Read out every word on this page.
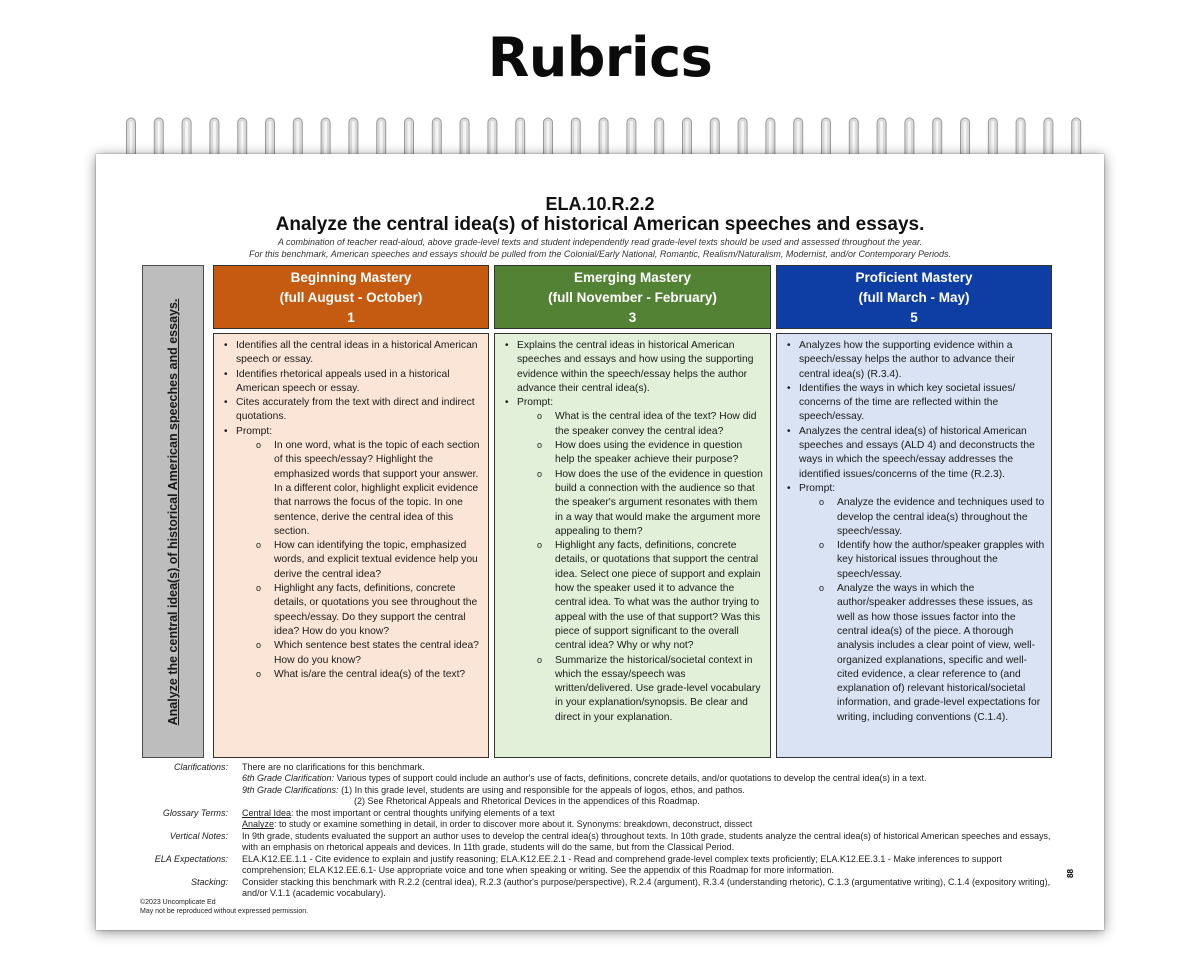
Rubrics
ELA.10.R.2.2
Analyze the central idea(s) of historical American speeches and essays.
A combination of teacher read-aloud, above grade-level texts and student independently read grade-level texts should be used and assessed throughout the year.
For this benchmark, American speeches and essays should be pulled from the Colonial/Early National, Romantic, Realism/Naturalism, Modernist, and/or Contemporary Periods.
Analyze the central idea(s) of historical American speeches and essays.
Beginning Mastery
(full August - October)
1
Emerging Mastery
(full November - February)
3
Proficient Mastery
(full March - May)
5
• Identifies all the central ideas in a historical American speech or essay.
• Identifies rhetorical appeals used in a historical American speech or essay.
• Cites accurately from the text with direct and indirect quotations.
• Prompt:
o In one word, what is the topic of each section of this speech/essay? Highlight the emphasized words that support your answer. In a different color, highlight explicit evidence that narrows the focus of the topic. In one sentence, derive the central idea of this section.
o How can identifying the topic, emphasized words, and explicit textual evidence help you derive the central idea?
o Highlight any facts, definitions, concrete details, or quotations you see throughout the speech/essay. Do they support the central idea? How do you know?
o Which sentence best states the central idea? How do you know?
o What is/are the central idea(s) of the text?
• Explains the central ideas in historical American speeches and essays and how using the supporting evidence within the speech/essay helps the author advance their central idea(s).
• Prompt:
o What is the central idea of the text? How did the speaker convey the central idea?
o How does using the evidence in question help the speaker achieve their purpose?
o How does the use of the evidence in question build a connection with the audience so that the speaker's argument resonates with them in a way that would make the argument more appealing to them?
o Highlight any facts, definitions, concrete details, or quotations that support the central idea. Select one piece of support and explain how the speaker used it to advance the central idea. To what was the author trying to appeal with the use of that support? Was this piece of support significant to the overall central idea? Why or why not?
o Summarize the historical/societal context in which the essay/speech was written/delivered. Use grade-level vocabulary in your explanation/synopsis. Be clear and direct in your explanation.
• Analyzes how the supporting evidence within a speech/essay helps the author to advance their central idea(s) (R.3.4).
• Identifies the ways in which key societal issues/ concerns of the time are reflected within the speech/essay.
• Analyzes the central idea(s) of historical American speeches and essays (ALD 4) and deconstructs the ways in which the speech/essay addresses the identified issues/concerns of the time (R.2.3).
• Prompt:
o Analyze the evidence and techniques used to develop the central idea(s) throughout the speech/essay.
o Identify how the author/speaker grapples with key historical issues throughout the speech/essay.
o Analyze the ways in which the author/speaker addresses these issues, as well as how those issues factor into the central idea(s) of the piece. A thorough analysis includes a clear point of view, well-organized explanations, specific and well-cited evidence, a clear reference to (and explanation of) relevant historical/societal information, and grade-level expectations for writing, including conventions (C.1.4).
Clarifications: There are no clarifications for this benchmark.
6th Grade Clarification: Various types of support could include an author's use of facts, definitions, concrete details, and/or quotations to develop the central idea(s) in a text.
9th Grade Clarifications: (1) In this grade level, students are using and responsible for the appeals of logos, ethos, and pathos.
(2) See Rhetorical Appeals and Rhetorical Devices in the appendices of this Roadmap.
Glossary Terms: Central Idea: the most important or central thoughts unifying elements of a text
Analyze: to study or examine something in detail, in order to discover more about it. Synonyms: breakdown, deconstruct, dissect
Vertical Notes: In 9th grade, students evaluated the support an author uses to develop the central idea(s) throughout texts. In 10th grade, students analyze the central idea(s) of historical American speeches and essays, with an emphasis on rhetorical appeals and devices. In 11th grade, students will do the same, but from the Classical Period.
ELA Expectations: ELA.K12.EE.1.1 - Cite evidence to explain and justify reasoning; ELA.K12.EE.2.1 - Read and comprehend grade-level complex texts proficiently; ELA.K12.EE.3.1 - Make inferences to support comprehension; ELA K12.EE.6.1- Use appropriate voice and tone when speaking or writing. See the appendix of this Roadmap for more information.
Stacking: Consider stacking this benchmark with R.2.2 (central idea), R.2.3 (author's purpose/perspective), R.2.4 (argument), R.3.4 (understanding rhetoric), C.1.3 (argumentative writing), C.1.4 (expository writing), and/or V.1.1 (academic vocabulary).
©2023 Uncomplicate Ed
May not be reproduced without expressed permission.
88
